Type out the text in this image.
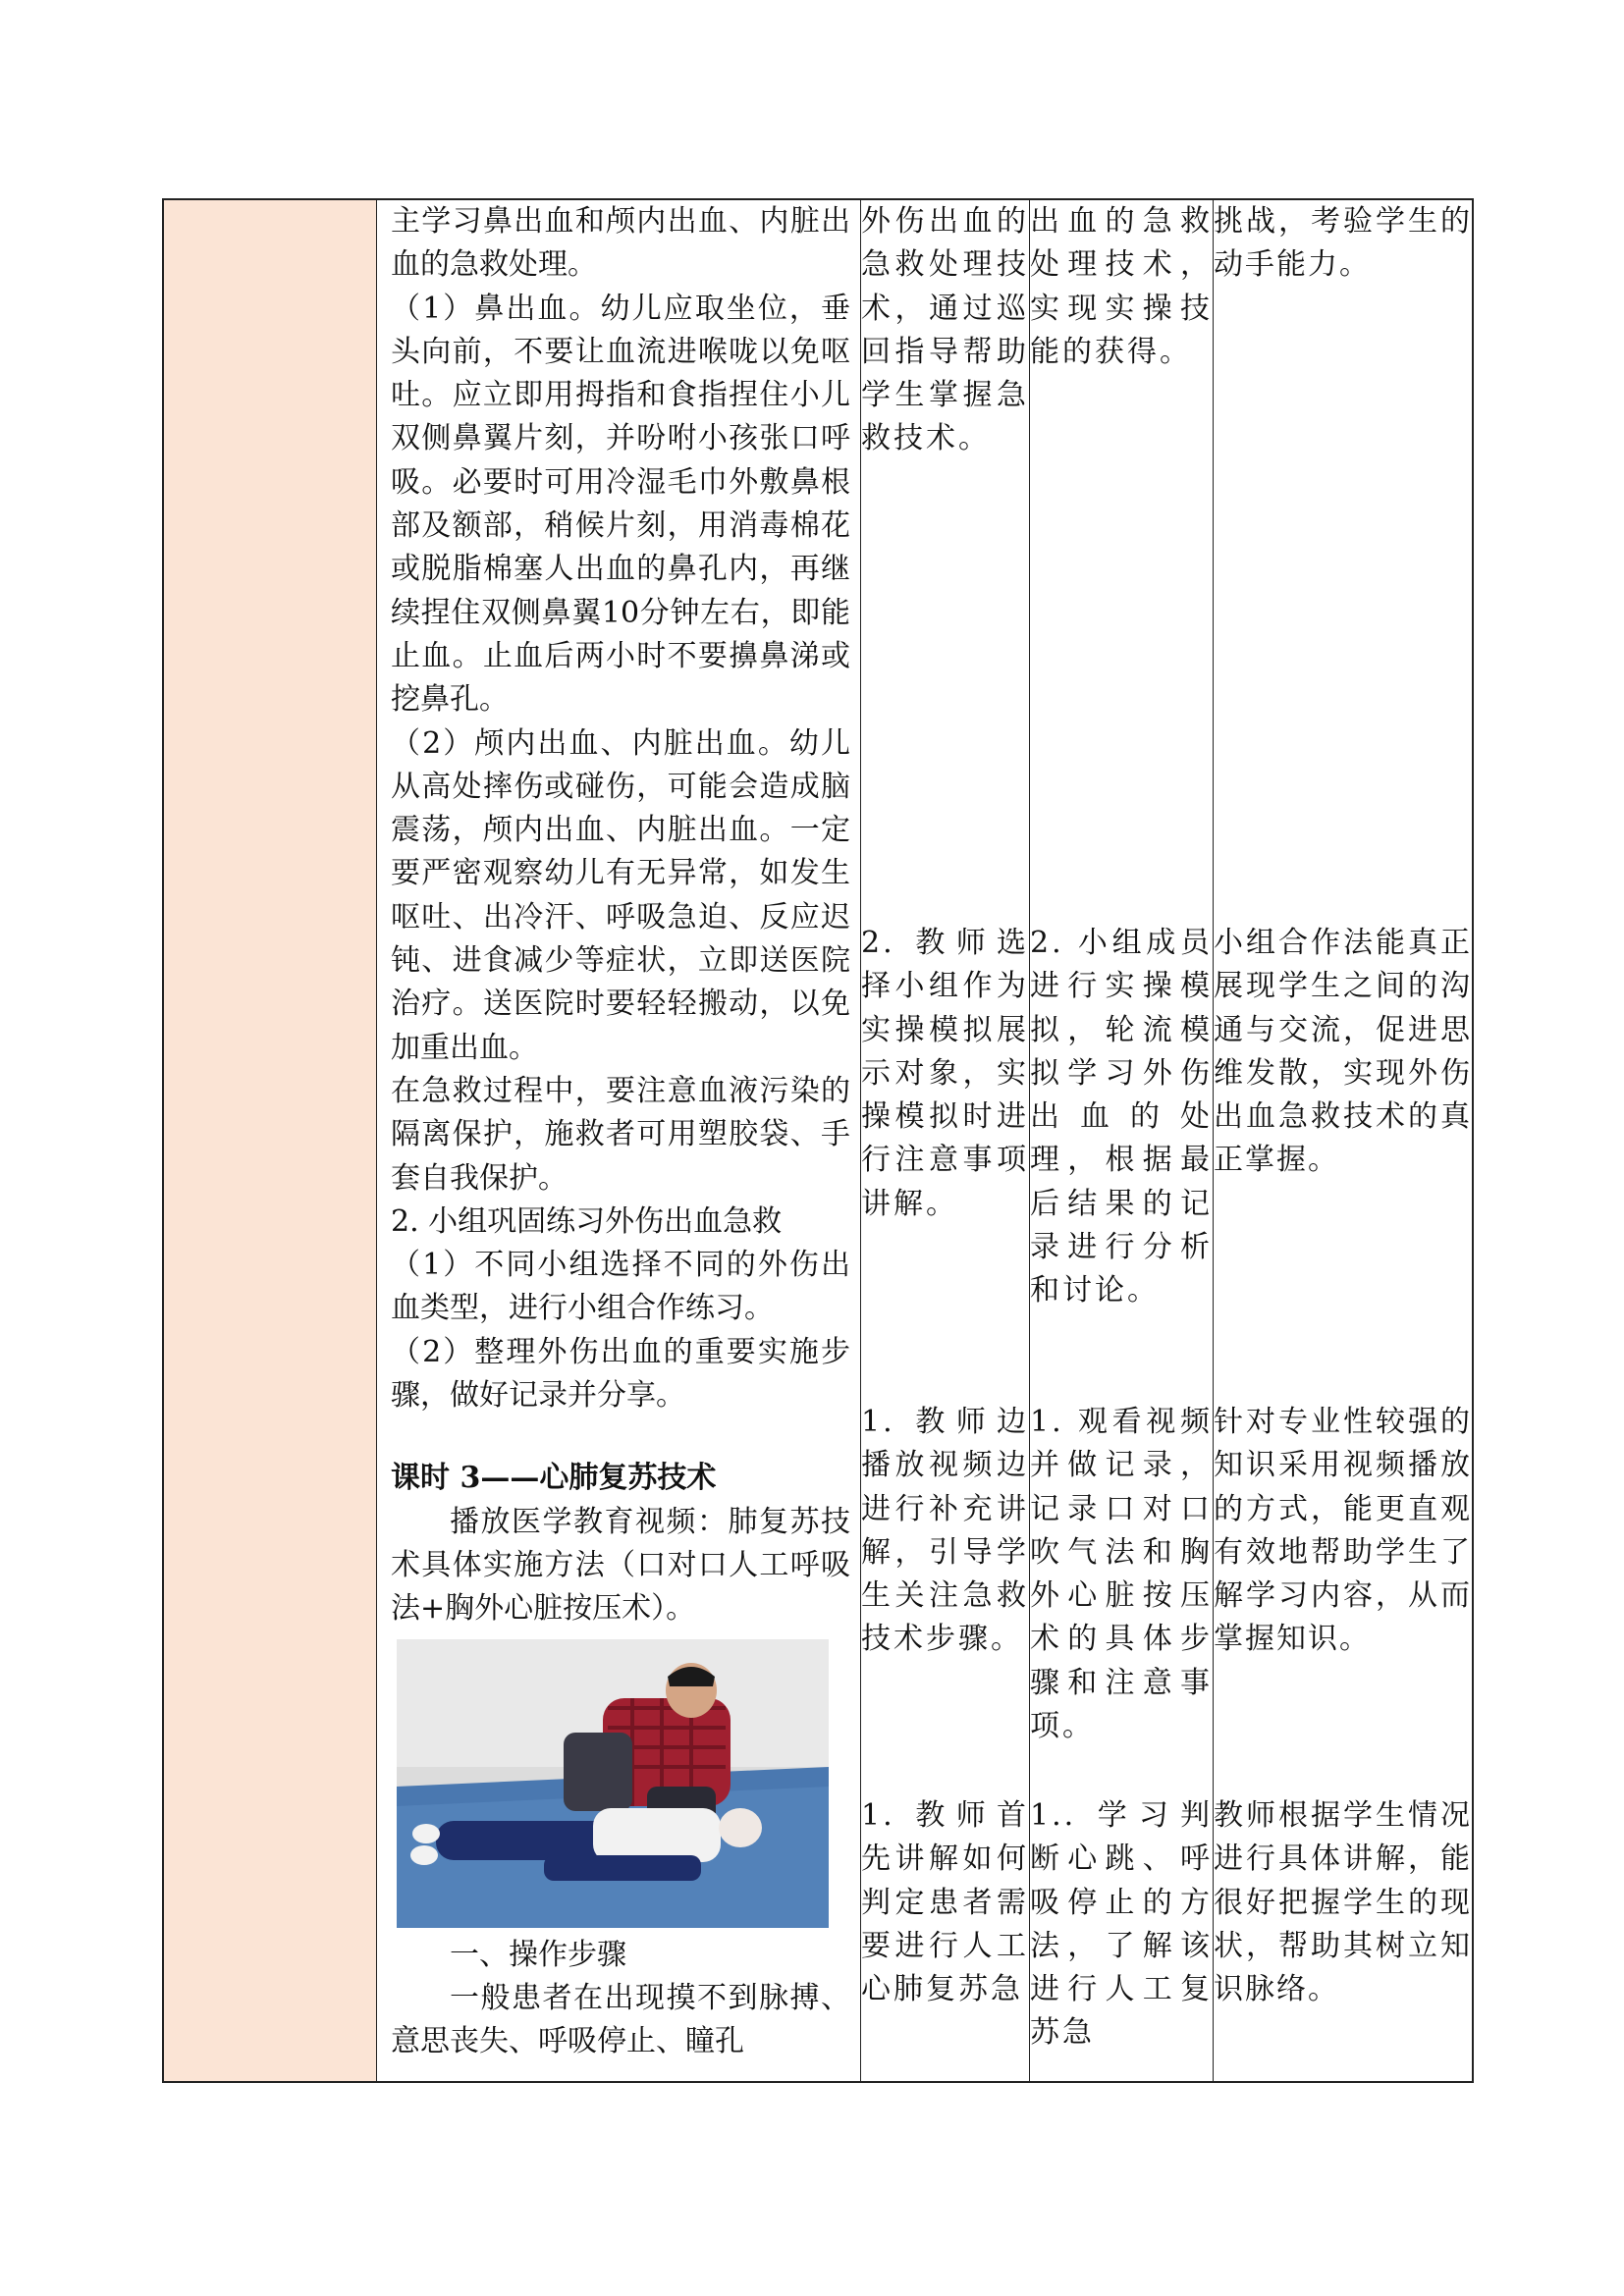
主学习鼻出血和颅内出血、内脏出血的急救处理。

（1）鼻出血。幼儿应取坐位，垂头向前，不要让血流进喉咙以免呕吐。应立即用拇指和食指捏住小儿双侧鼻翼片刻，并吩咐小孩张口呼吸。必要时可用冷湿毛巾外敷鼻根部及额部，稍候片刻，用消毒棉花或脱脂棉塞人出血的鼻孔内，再继续捏住双侧鼻翼10分钟左右，即能止血。止血后两小时不要擤鼻涕或挖鼻孔。

（2）颅内出血、内脏出血。幼儿从高处摔伤或碰伤，可能会造成脑震荡，颅内出血、内脏出血。一定要严密观察幼儿有无异常，如发生呕吐、出冷汗、呼吸急迫、反应迟钝、进食减少等症状，立即送医院治疗。送医院时要轻轻搬动，以免加重出血。

在急救过程中，要注意血液污染的隔离保护，施救者可用塑胶袋、手套自我保护。

2. 小组巩固练习外伤出血急救

（1）不同小组选择不同的外伤出血类型，进行小组合作练习。

（2）整理外伤出血的重要实施步骤，做好记录并分享。

课时 3——心肺复苏技术

播放医学教育视频：肺复苏技术具体实施方法（口对口人工呼吸法+胸外心脏按压术）。

一、操作步骤

一般患者在出现摸不到脉搏、意思丧失、呼吸停止、瞳孔

外伤出血的急救处理技术，通过巡回指导帮助学生掌握急救技术。
2. 教师选择小组作为实操模拟展示对象，实操模拟时进行注意事项讲解。
1. 教师边播放视频边进行补充讲解，引导学生关注急救技术步骤。
1. 教师首先讲解如何判定患者需要进行人工心肺复苏急
出血的急救处理技术，实现实操技能的获得。
2. 小组成员进行实操模拟，轮流模拟学习外伤出血的处理，根据最后结果的记录进行分析和讨论。
1. 观看视频并做记录，记录口对口吹气法和胸外心脏按压术的具体步骤和注意事项。
1.. 学习判断心跳、呼吸停止的方法，了解该进行人工复苏急
挑战，考验学生的动手能力。
小组合作法能真正展现学生之间的沟通与交流，促进思维发散，实现外伤出血急救技术的真正掌握。
针对专业性较强的知识采用视频播放的方式，能更直观有效地帮助学生了解学习内容，从而掌握知识。
教师根据学生情况进行具体讲解，能很好把握学生的现状，帮助其树立知识脉络。
